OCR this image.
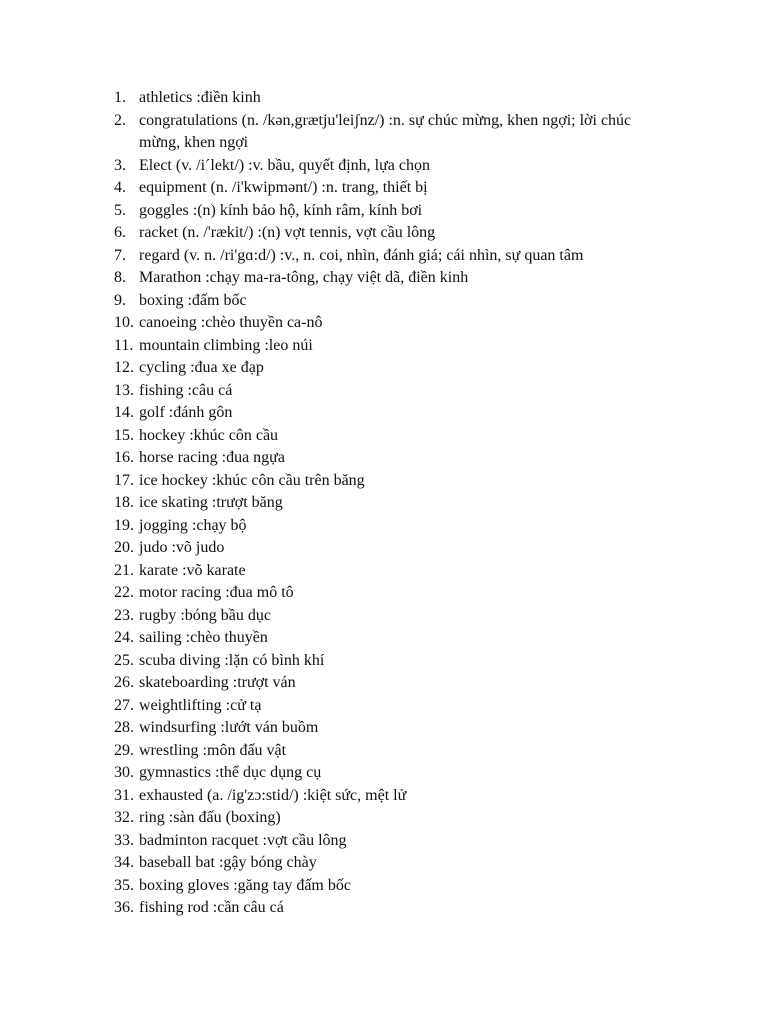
1. athletics :điền kinh
2. congratulations (n. /kən,grætju'leiʃnz/) :n. sự chúc mừng, khen ngợi; lời chúc mừng, khen ngợi
3. Elect (v. /i´lekt/) :v. bầu, quyết định, lựa chọn
4. equipment (n. /i'kwipmənt/) :n. trang, thiết bị
5. goggles :(n) kính bảo hộ, kính râm, kính bơi
6. racket (n. /'rækit/) :(n) vợt tennis, vợt cầu lông
7. regard (v. n. /ri'gɑ:d/) :v., n. coi, nhìn, đánh giá; cái nhìn, sự quan tâm
8. Marathon :chạy ma-ra-tông, chạy việt dã, điền kinh
9. boxing :đấm bốc
10. canoeing :chèo thuyền ca-nô
11. mountain climbing :leo núi
12. cycling :đua xe đạp
13. fishing :câu cá
14. golf :đánh gôn
15. hockey :khúc côn cầu
16. horse racing :đua ngựa
17. ice hockey :khúc côn cầu trên băng
18. ice skating :trượt băng
19. jogging :chạy bộ
20. judo :võ judo
21. karate :võ karate
22. motor racing :đua mô tô
23. rugby :bóng bầu dục
24. sailing :chèo thuyền
25. scuba diving :lặn có bình khí
26. skateboarding :trượt ván
27. weightlifting :cử tạ
28. windsurfing :lướt ván buồm
29. wrestling :môn đấu vật
30. gymnastics :thể dục dụng cụ
31. exhausted (a. /ig'zɔ:stid/) :kiệt sức, mệt lử
32. ring :sàn đấu (boxing)
33. badminton racquet :vợt cầu lông
34. baseball bat :gậy bóng chày
35. boxing gloves :găng tay đấm bốc
36. fishing rod :cần câu cá
